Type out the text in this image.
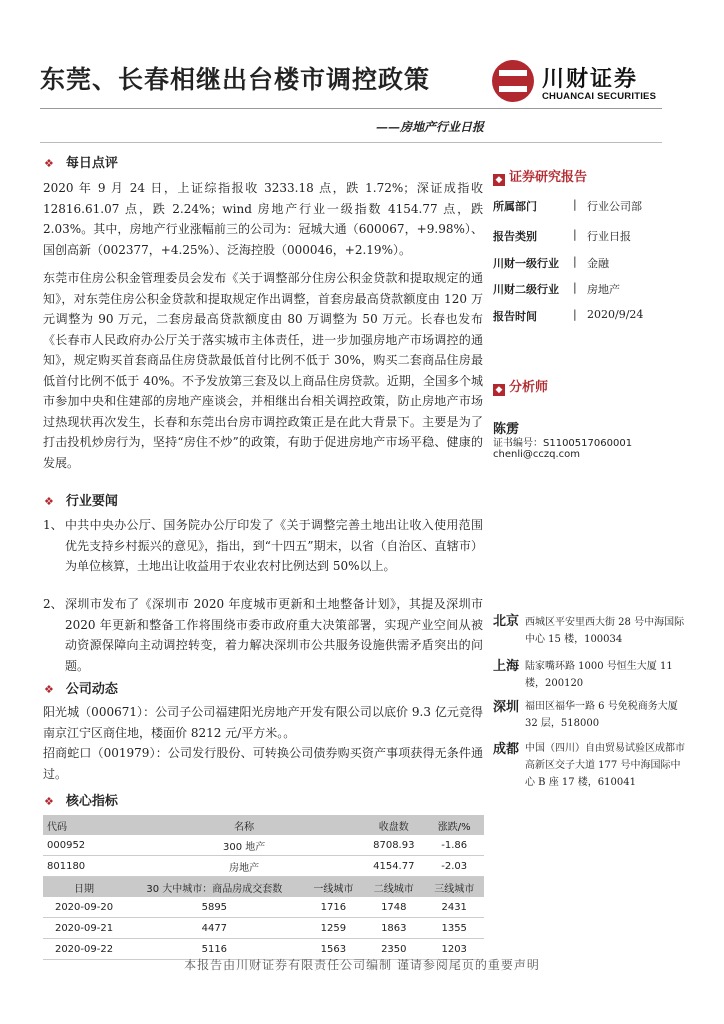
东莞、长春相继出台楼市调控政策	川财证券
CHUANCAI SECURITIES
——房地产行业日报
❖ 每日点评

2020 年 9 月 24 日，上证综指报收 3233.18 点，跌 1.72%；深证成指收 12816.61.07 点，跌 2.24%；wind 房地产行业一级指数 4154.77 点，跌 2.03%。其中，房地产行业涨幅前三的公司为：冠城大通（600067，+9.98%）、国创高新（002377，+4.25%）、泛海控股（000046，+2.19%）。

东莞市住房公积金管理委员会发布《关于调整部分住房公积金贷款和提取规定的通知》，对东莞住房公积金贷款和提取规定作出调整，首套房最高贷款额度由 120 万元调整为 90 万元，二套房最高贷款额度由 80 万调整为 50 万元。长春也发布《长春市人民政府办公厅关于落实城市主体责任，进一步加强房地产市场调控的通知》，规定购买首套商品住房贷款最低首付比例不低于 30%，购买二套商品住房最低首付比例不低于 40%。不予发放第三套及以上商品住房贷款。近期，全国多个城市参加中央和住建部的房地产座谈会，并相继出台相关调控政策，防止房地产市场过热现状再次发生，长春和东莞出台房市调控政策正是在此大背景下。主要是为了打击投机炒房行为，坚持“房住不炒”的政策，有助于促进房地产市场平稳、健康的发展。

❖ 行业要闻
1、 中共中央办公厅、国务院办公厅印发了《关于调整完善土地出让收入使用范围优先支持乡村振兴的意见》，指出，到“十四五”期末，以省（自治区、直辖市）为单位核算，土地出让收益用于农业农村比例达到 50%以上。
2、 深圳市发布了《深圳市 2020 年度城市更新和土地整备计划》，其提及深圳市 2020 年更新和整备工作将围绕市委市政府重大决策部署，实现产业空间从被动资源保障向主动调控转变，着力解决深圳市公共服务设施供需矛盾突出的问题。
❖ 公司动态

阳光城（000671）：公司子公司福建阳光房地产开发有限公司以底价 9.3 亿元竞得南京江宁区商住地，楼面价 8212 元/平方米。。

招商蛇口（001979）：公司发行股份、可转换公司债券购买资产事项获得无条件通过。

❖ 核心指标
代码	名称		收盘数	涨跌/%
000952	300 地产		8708.93	-1.86
801180	房地产		4154.77	-2.03
日期	30 大中城市：商品房成交套数	一线城市	二线城市	三线城市
2020-09-20	5895	1716	1748	2431
2020-09-21	4477	1259	1863	1355
2020-09-22	5116	1563	2350	1203
◆ 证券研究报告
所属部门	| 行业公司部
报告类别	| 行业日报
川财一级行业	| 金融
川财二级行业	| 房地产
报告时间	| 2020/9/24
◆ 分析师
陈雳
证书编号：S1100517060001
chenli@cczq.com
北京 西城区平安里西大街 28 号中海国际中心 15 楼，100034
上海 陆家嘴环路 1000 号恒生大厦 11 楼，200120
深圳 福田区福华一路 6 号免税商务大厦 32 层，518000
成都 中国（四川）自由贸易试验区成都市高新区交子大道 177 号中海国际中心 B 座 17 楼，610041
本报告由川财证券有限责任公司编制 谨请参阅尾页的重要声明
